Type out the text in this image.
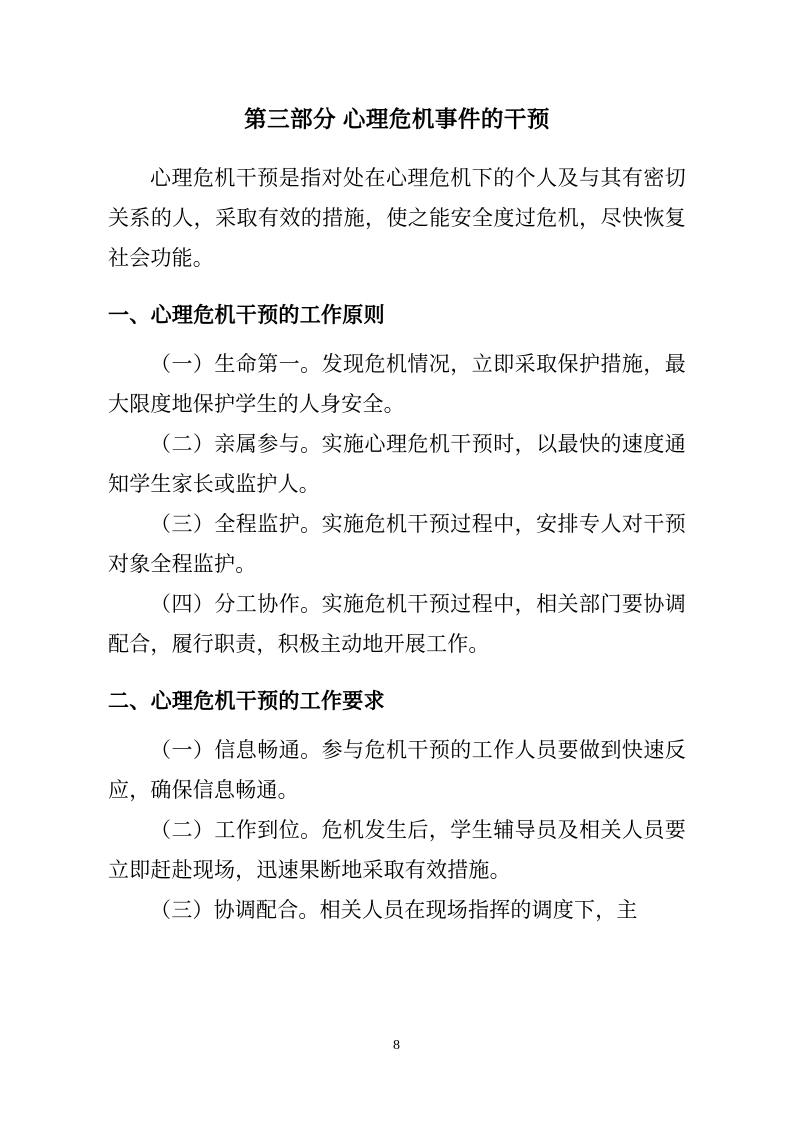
第三部分 心理危机事件的干预

心理危机干预是指对处在心理危机下的个人及与其有密切关系的人，采取有效的措施，使之能安全度过危机，尽快恢复社会功能。

一、心理危机干预的工作原则

（一）生命第一。发现危机情况，立即采取保护措施，最大限度地保护学生的人身安全。

（二）亲属参与。实施心理危机干预时，以最快的速度通知学生家长或监护人。

（三）全程监护。实施危机干预过程中，安排专人对干预对象全程监护。

（四）分工协作。实施危机干预过程中，相关部门要协调配合，履行职责，积极主动地开展工作。

二、心理危机干预的工作要求

（一）信息畅通。参与危机干预的工作人员要做到快速反应，确保信息畅通。

（二）工作到位。危机发生后，学生辅导员及相关人员要立即赶赴现场，迅速果断地采取有效措施。

（三）协调配合。相关人员在现场指挥的调度下，主

8
